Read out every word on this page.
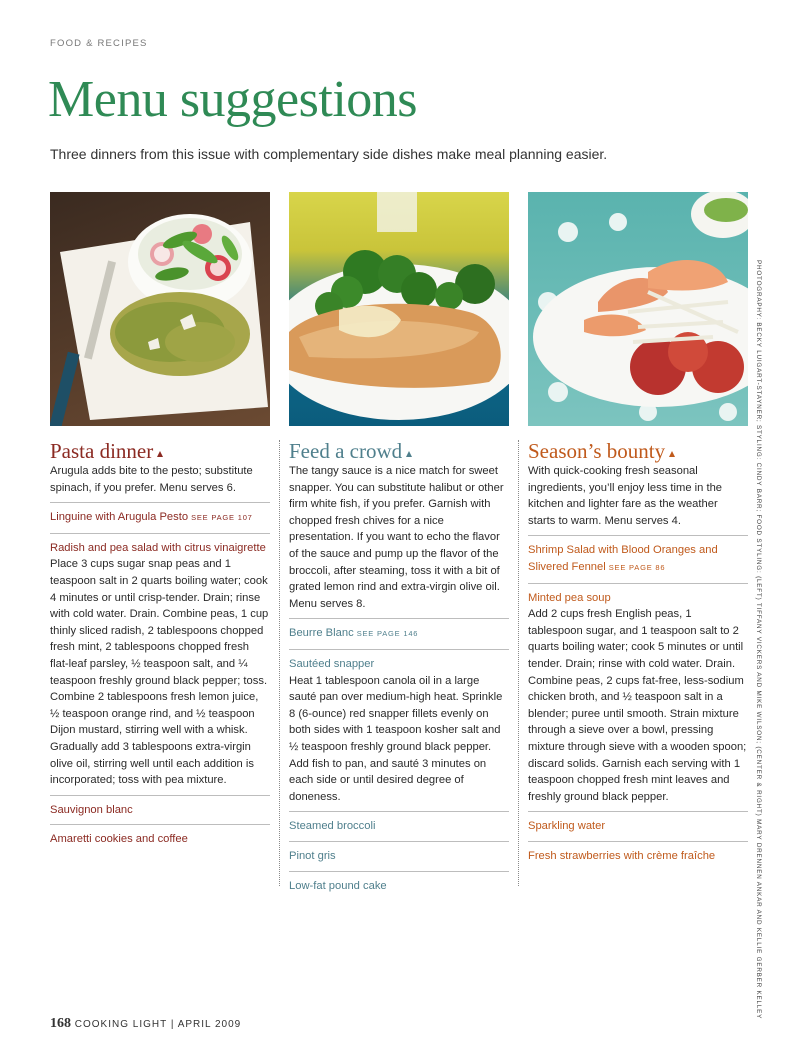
FOOD & RECIPES
Menu suggestions
Three dinners from this issue with complementary side dishes make meal planning easier.
Pasta dinner
Arugula adds bite to the pesto; substitute spinach, if you prefer. Menu serves 6.
Linguine with Arugula Pesto SEE PAGE 107
Radish and pea salad with citrus vinaigrette
Place 3 cups sugar snap peas and 1 teaspoon salt in 2 quarts boiling water; cook 4 minutes or until crisp-tender. Drain; rinse with cold water. Drain. Combine peas, 1 cup thinly sliced radish, 2 tablespoons chopped fresh mint, 2 tablespoons chopped fresh flat-leaf parsley, ½ teaspoon salt, and ¼ teaspoon freshly ground black pepper; toss. Combine 2 tablespoons fresh lemon juice, ½ teaspoon orange rind, and ½ teaspoon Dijon mustard, stirring well with a whisk. Gradually add 3 tablespoons extra-virgin olive oil, stirring well until each addition is incorporated; toss with pea mixture.
Sauvignon blanc
Amaretti cookies and coffee
Feed a crowd
The tangy sauce is a nice match for sweet snapper. You can substitute halibut or other firm white fish, if you prefer. Garnish with chopped fresh chives for a nice presentation. If you want to echo the flavor of the sauce and pump up the flavor of the broccoli, after steaming, toss it with a bit of grated lemon rind and extra-virgin olive oil. Menu serves 8.
Beurre Blanc SEE PAGE 146
Sautéed snapper
Heat 1 tablespoon canola oil in a large sauté pan over medium-high heat. Sprinkle 8 (6-ounce) red snapper fillets evenly on both sides with 1 teaspoon kosher salt and ½ teaspoon freshly ground black pepper. Add fish to pan, and sauté 3 minutes on each side or until desired degree of doneness.
Steamed broccoli
Pinot gris
Low-fat pound cake
Season’s bounty
With quick-cooking fresh seasonal ingredients, you’ll enjoy less time in the kitchen and lighter fare as the weather starts to warm. Menu serves 4.
Shrimp Salad with Blood Oranges and Slivered Fennel SEE PAGE 86
Minted pea soup
Add 2 cups fresh English peas, 1 tablespoon sugar, and 1 teaspoon salt to 2 quarts boiling water; cook 5 minutes or until tender. Drain; rinse with cold water. Drain. Combine peas, 2 cups fat-free, less-sodium chicken broth, and ½ teaspoon salt in a blender; puree until smooth. Strain mixture through a sieve over a bowl, pressing mixture through sieve with a wooden spoon; discard solids. Garnish each serving with 1 teaspoon chopped fresh mint leaves and freshly ground black pepper.
Sparkling water
Fresh strawberries with crème fraîche	PHOTOGRAPHY: BECKY LUIGART-STAYNER; STYLING: CINDY BARR; FOOD STYLING: (LEFT) TIFFANY VICKERS AND MIKE WILSON; (CENTER & RIGHT) MARY DRENNEN ANKAR AND KELLIE GERBER KELLEY
168 COOKING LIGHT | APRIL 2009
